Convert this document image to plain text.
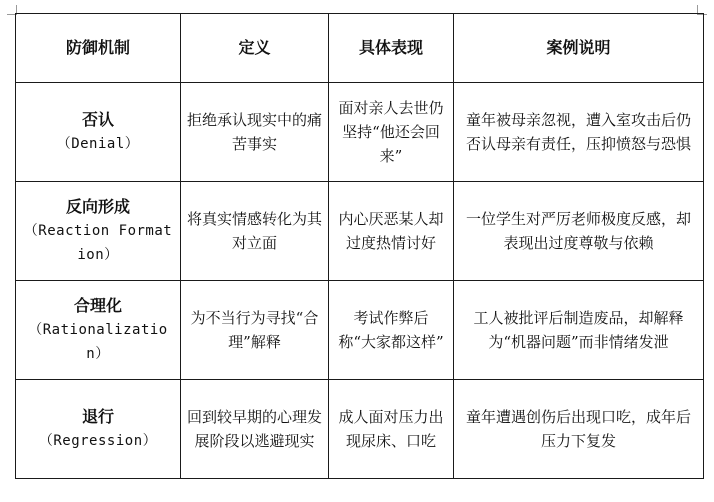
防御机制	定义	具体表现	案例说明

否认
（Denial）	拒绝承认现实中的痛苦事实	面对亲人去世仍坚持“他还会回来”	童年被母亲忽视，遭入室攻击后仍否认母亲有责任，压抑愤怒与恐惧

反向形成
（Reaction Formation）	将真实情感转化为其对立面	内心厌恶某人却过度热情讨好	一位学生对严厉老师极度反感，却表现出过度尊敬与依赖

合理化
（Rationalization）	为不当行为寻找“合理”解释	考试作弊后称“大家都这样”	工人被批评后制造废品，却解释为“机器问题”而非情绪发泄

退行
（Regression）	回到较早期的心理发展阶段以逃避现实	成人面对压力出现尿床、口吃	童年遭遇创伤后出现口吃，成年后压力下复发
